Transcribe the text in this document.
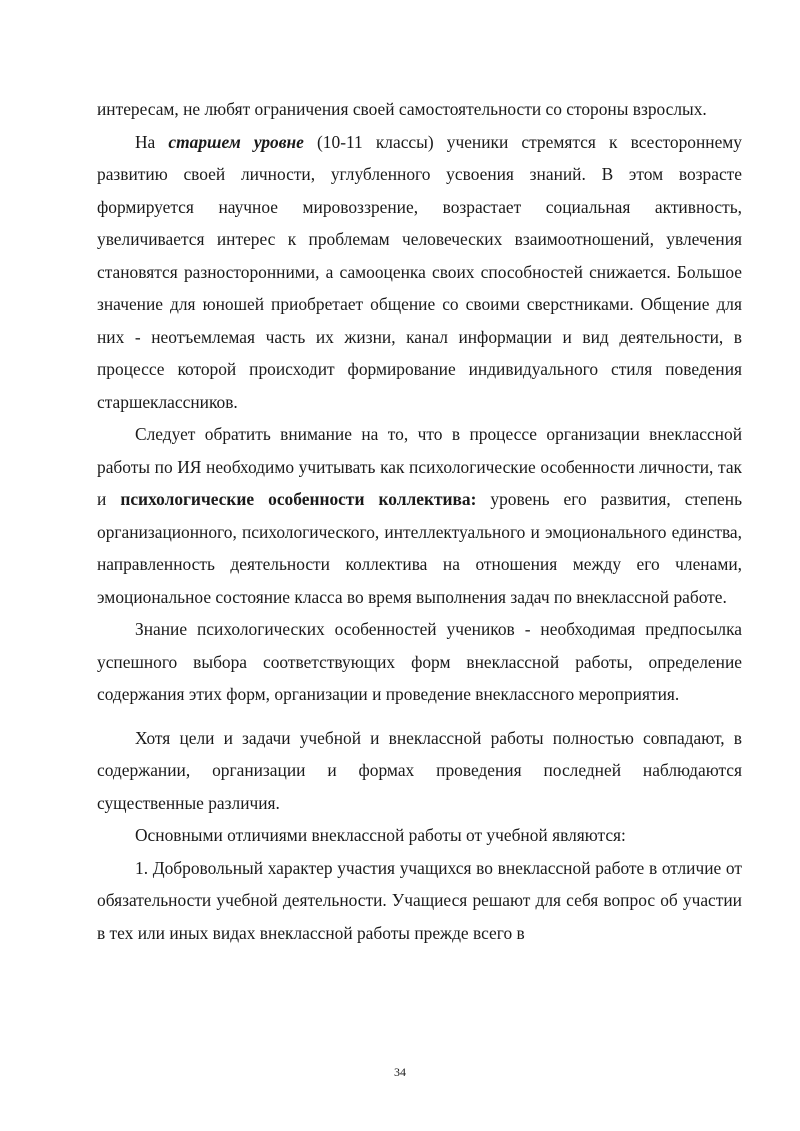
интересам, не любят ограничения своей самостоятельности со стороны взрослых.

На старшем уровне (10-11 классы) ученики стремятся к всестороннему развитию своей личности, углубленного усвоения знаний. В этом возрасте формируется научное мировоззрение, возрастает социальная активность, увеличивается интерес к проблемам человеческих взаимоотношений, увлечения становятся разносторонними, а самооценка своих способностей снижается. Большое значение для юношей приобретает общение со своими сверстниками. Общение для них - неотъемлемая часть их жизни, канал информации и вид деятельности, в процессе которой происходит формирование индивидуального стиля поведения старшеклассников.

Следует обратить внимание на то, что в процессе организации внеклассной работы по ИЯ необходимо учитывать как психологические особенности личности, так и психологические особенности коллектива: уровень его развития, степень организационного, психологического, интеллектуального и эмоционального единства, направленность деятельности коллектива на отношения между его членами, эмоциональное состояние класса во время выполнения задач по внеклассной работе.

Знание психологических особенностей учеников - необходимая предпосылка успешного выбора соответствующих форм внеклассной работы, определение содержания этих форм, организации и проведение внеклассного мероприятия.

Хотя цели и задачи учебной и внеклассной работы полностью совпадают, в содержании, организации и формах проведения последней наблюдаются существенные различия.

Основными отличиями внеклассной работы от учебной являются:

1. Добровольный характер участия учащихся во внеклассной работе в отличие от обязательности учебной деятельности. Учащиеся решают для себя вопрос об участии в тех или иных видах внеклассной работы прежде всего в

34
